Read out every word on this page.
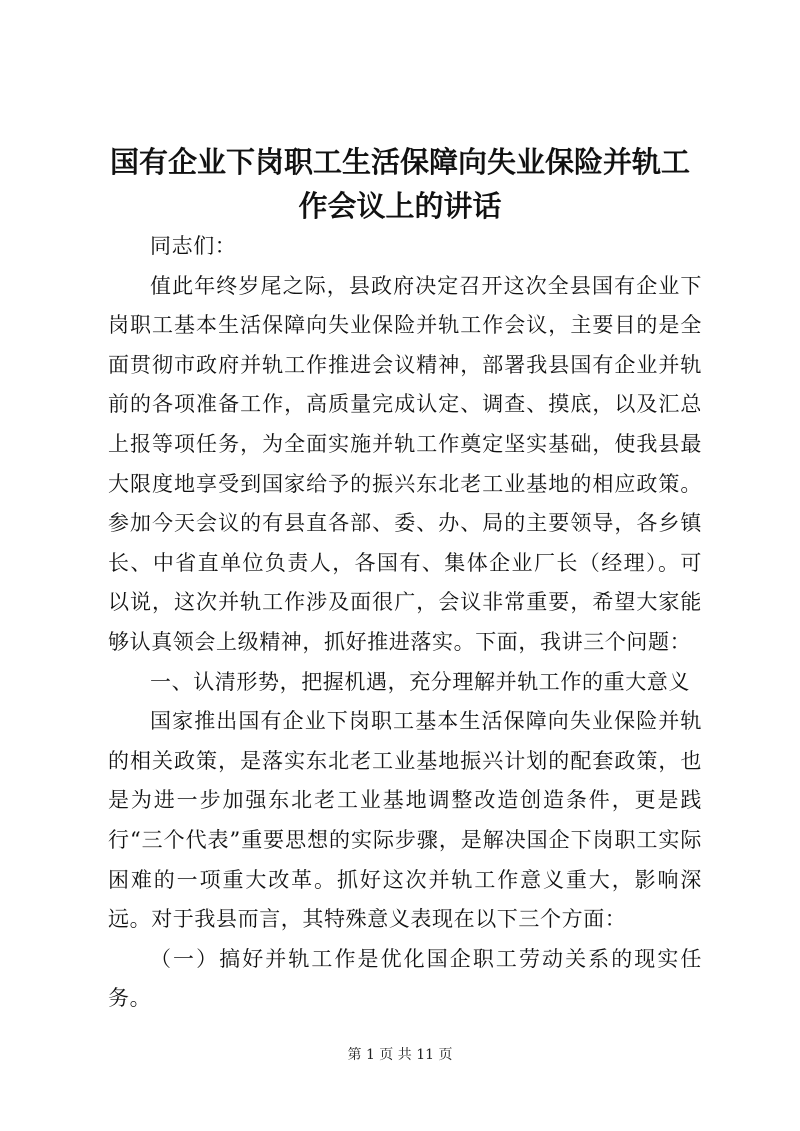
国有企业下岗职工生活保障向失业保险并轨工
作会议上的讲话

同志们：

值此年终岁尾之际，县政府决定召开这次全县国有企业下岗职工基本生活保障向失业保险并轨工作会议，主要目的是全面贯彻市政府并轨工作推进会议精神，部署我县国有企业并轨前的各项准备工作，高质量完成认定、调查、摸底，以及汇总上报等项任务，为全面实施并轨工作奠定坚实基础，使我县最大限度地享受到国家给予的振兴东北老工业基地的相应政策。参加今天会议的有县直各部、委、办、局的主要领导，各乡镇长、中省直单位负责人，各国有、集体企业厂长（经理）。可以说，这次并轨工作涉及面很广，会议非常重要，希望大家能够认真领会上级精神，抓好推进落实。下面，我讲三个问题：

一、认清形势，把握机遇，充分理解并轨工作的重大意义

国家推出国有企业下岗职工基本生活保障向失业保险并轨的相关政策，是落实东北老工业基地振兴计划的配套政策，也是为进一步加强东北老工业基地调整改造创造条件，更是践行“三个代表”重要思想的实际步骤，是解决国企下岗职工实际困难的一项重大改革。抓好这次并轨工作意义重大，影响深远。对于我县而言，其特殊意义表现在以下三个方面：

（一）搞好并轨工作是优化国企职工劳动关系的现实任务。

第 1 页 共 11 页
